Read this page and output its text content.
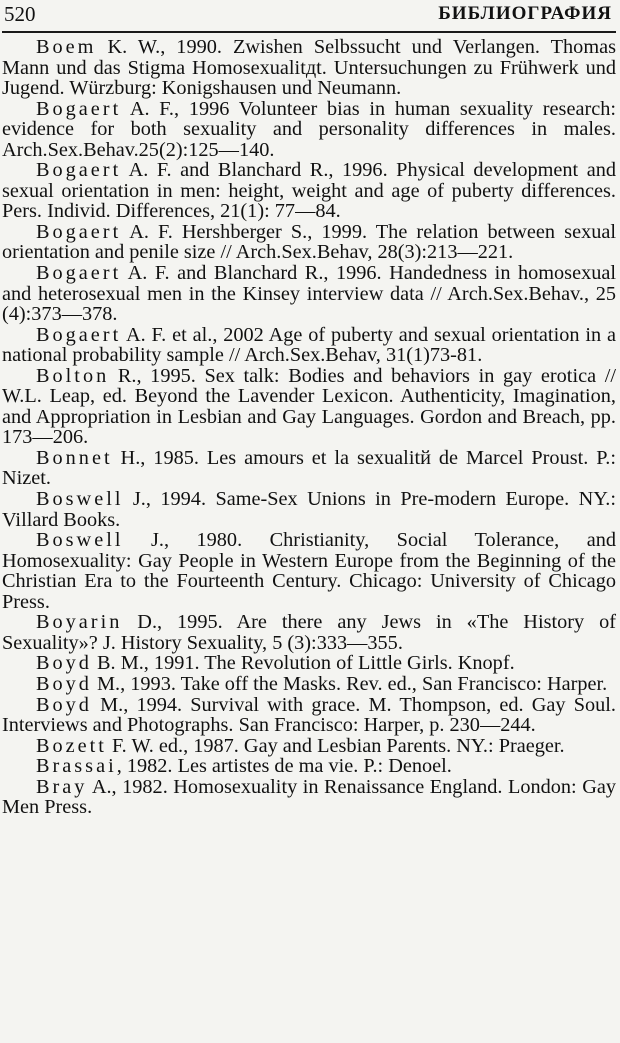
520	БИБЛИОГРАФИЯ

Boem K. W., 1990. Zwishen Selbssucht und Verlangen. Thomas Mann und das Stigma Homosexualitдt. Untersuchungen zu Frühwerk und Jugend. Würzburg: Konigshausen und Neumann.

Bogaert A. F., 1996 Volunteer bias in human sexuality research: evidence for both sexuality and personality differences in males. Arch.Sex.Behav.25(2):125—140.

Bogaert A. F. and Blanchard R., 1996. Physical development and sexual orientation in men: height, weight and age of puberty differences. Pers. Individ. Differences, 21(1): 77—84.

Bogaert A. F. Hershberger S., 1999. The relation between sexual orientation and penile size // Arch.Sex.Behav, 28(3):213—221.

Bogaert A. F. and Blanchard R., 1996. Handedness in homosexual and heterosexual men in the Kinsey interview data // Arch.Sex.Behav., 25 (4):373—378.

Bogaert A. F. et al., 2002 Age of puberty and sexual orientation in a national probability sample // Arch.Sex.Behav, 31(1)73-81.

Bolton R., 1995. Sex talk: Bodies and behaviors in gay erotica // W.L. Leap, ed. Beyond the Lavender Lexicon. Authenticity, Imagination, and Appropriation in Lesbian and Gay Languages. Gordon and Breach, pp. 173—206.

Bonnet H., 1985. Les amours et la sexualitй de Marcel Proust. P.: Nizet.

Boswell J., 1994. Same-Sex Unions in Pre-modern Europe. NY.: Villard Books.

Boswell J., 1980. Christianity, Social Tolerance, and Homosexuality: Gay People in Western Europe from the Beginning of the Christian Era to the Fourteenth Century. Chicago: University of Chicago Press.

Boyarin D., 1995. Are there any Jews in «The History of Sexuality»? J. History Sexuality, 5 (3):333—355.

Boyd B. M., 1991. The Revolution of Little Girls. Knopf.

Boyd M., 1993. Take off the Masks. Rev. ed., San Francisco: Harper.

Boyd M., 1994. Survival with grace. M. Thompson, ed. Gay Soul. Interviews and Photographs. San Francisco: Harper, p. 230—244.

Bozett F. W. ed., 1987. Gay and Lesbian Parents. NY.: Praeger.

Brassai, 1982. Les artistes de ma vie. P.: Denoel.

Bray A., 1982. Homosexuality in Renaissance England. London: Gay Men Press.
